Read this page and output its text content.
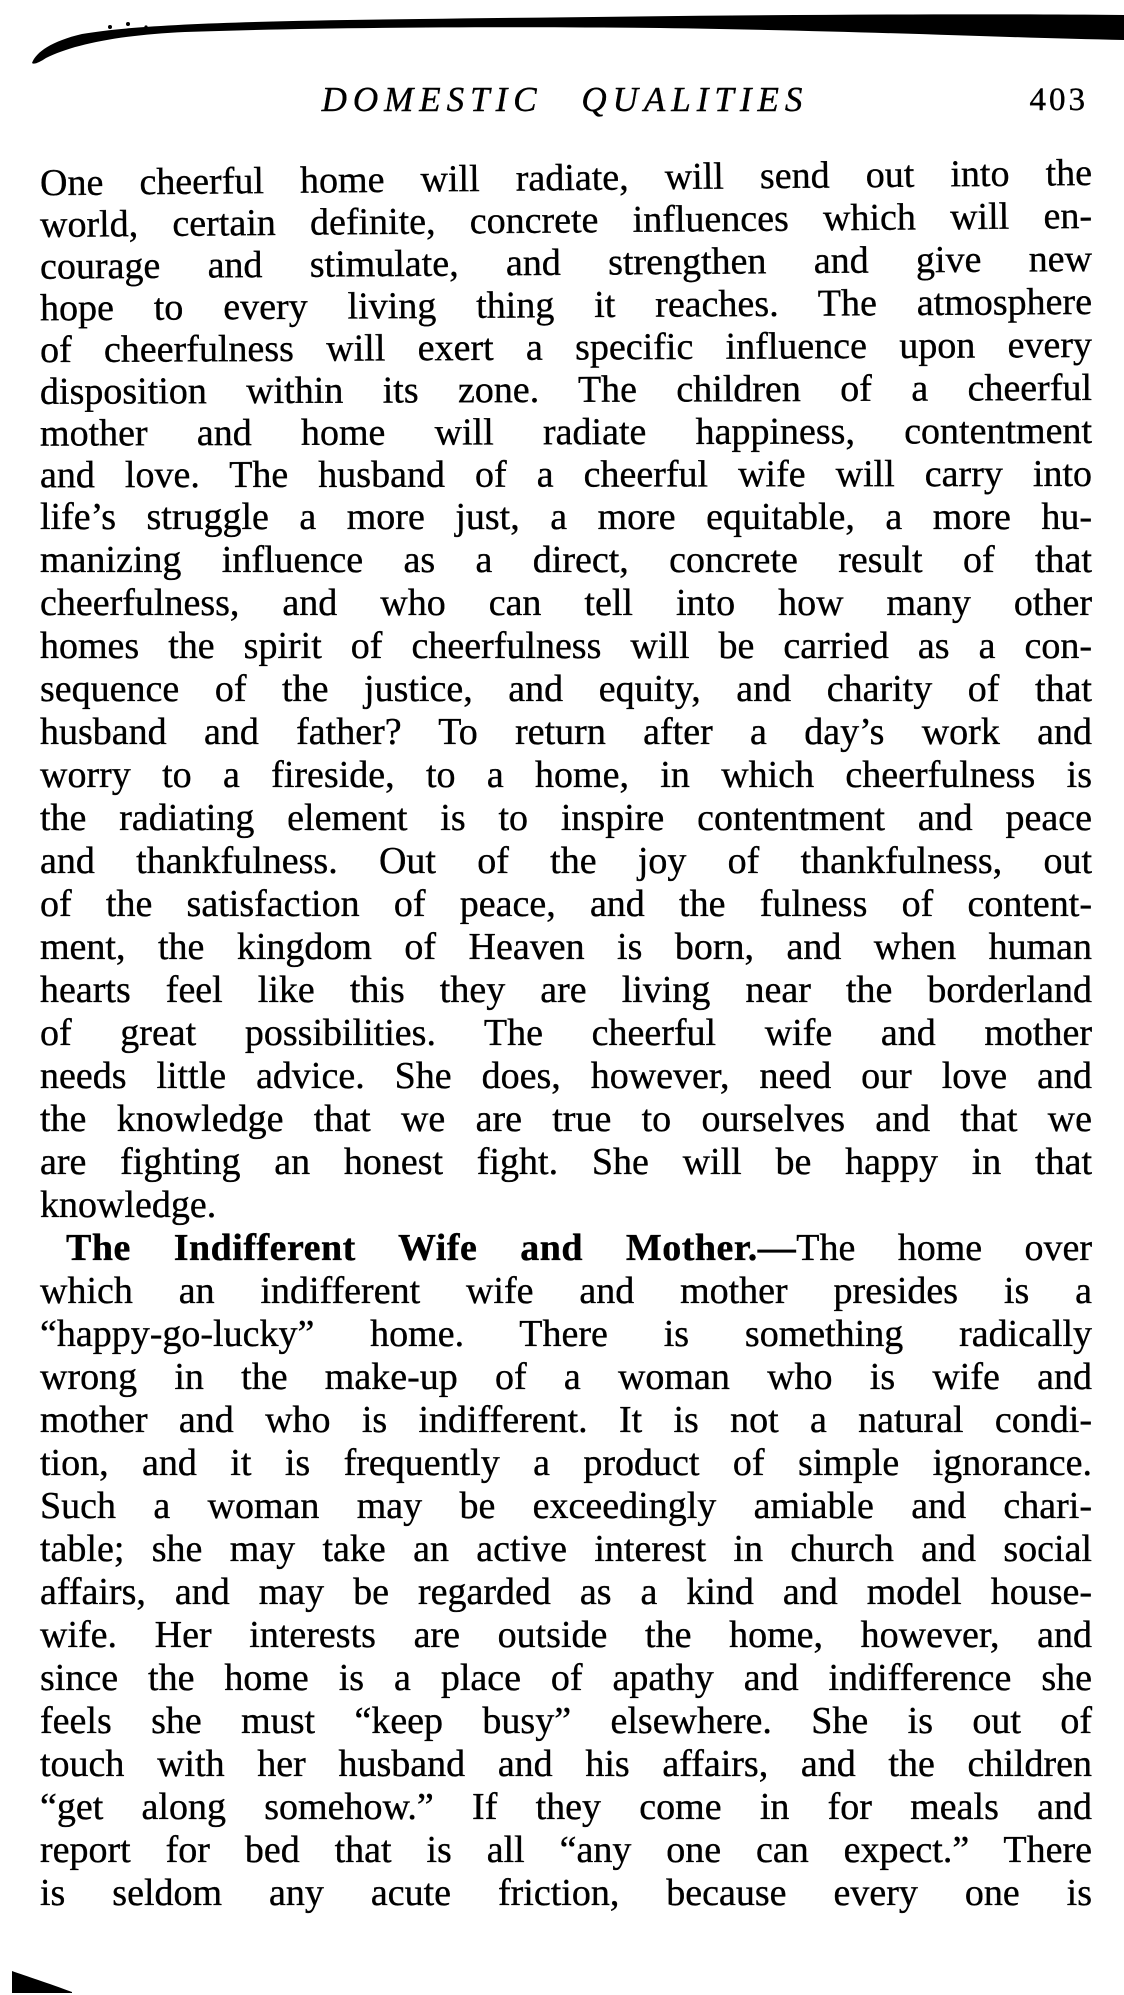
DOMESTIC QUALITIES	403
One cheerful home will radiate, will send out into the
world, certain definite, concrete influences which will en-
courage and stimulate, and strengthen and give new
hope to every living thing it reaches. The atmosphere
of cheerfulness will exert a specific influence upon every
disposition within its zone. The children of a cheerful
mother and home will radiate happiness, contentment
and love. The husband of a cheerful wife will carry into
life’s struggle a more just, a more equitable, a more hu-
manizing influence as a direct, concrete result of that
cheerfulness, and who can tell into how many other
homes the spirit of cheerfulness will be carried as a con-
sequence of the justice, and equity, and charity of that
husband and father? To return after a day’s work and
worry to a fireside, to a home, in which cheerfulness is
the radiating element is to inspire contentment and peace
and thankfulness. Out of the joy of thankfulness, out
of the satisfaction of peace, and the fulness of content-
ment, the kingdom of Heaven is born, and when human
hearts feel like this they are living near the borderland
of great possibilities. The cheerful wife and mother
needs little advice. She does, however, need our love and
the knowledge that we are true to ourselves and that we
are fighting an honest fight. She will be happy in that
knowledge.
The Indifferent Wife and Mother.—The home over
which an indifferent wife and mother presides is a
“happy-go-lucky” home. There is something radically
wrong in the make-up of a woman who is wife and
mother and who is indifferent. It is not a natural condi-
tion, and it is frequently a product of simple ignorance.
Such a woman may be exceedingly amiable and chari-
table; she may take an active interest in church and social
affairs, and may be regarded as a kind and model house-
wife. Her interests are outside the home, however, and
since the home is a place of apathy and indifference she
feels she must “keep busy” elsewhere. She is out of
touch with her husband and his affairs, and the children
“get along somehow.” If they come in for meals and
report for bed that is all “any one can expect.” There
is seldom any acute friction, because every one is
